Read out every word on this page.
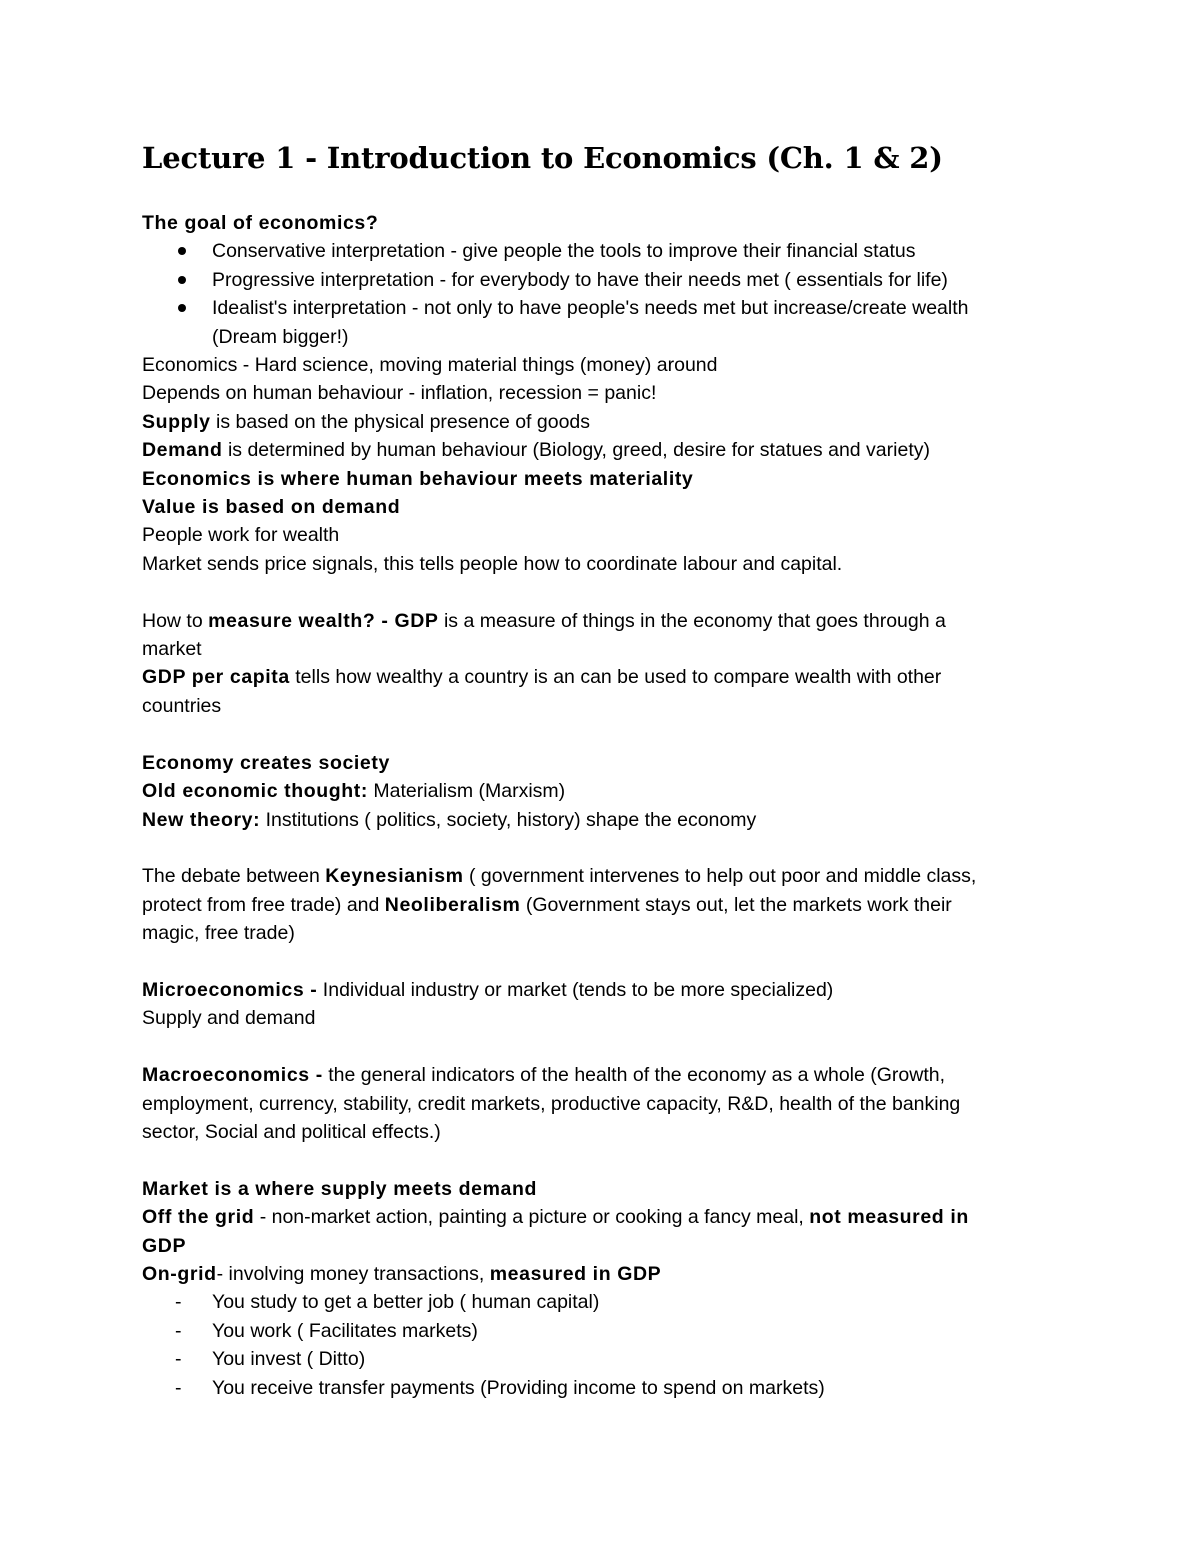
Lecture 1 - Introduction to Economics (Ch. 1 & 2)
The goal of economics?
Conservative interpretation - give people the tools to improve their financial status
Progressive interpretation - for everybody to have their needs met ( essentials for life)
Idealist's interpretation - not only to have people's needs met but increase/create wealth
(Dream bigger!)
Economics - Hard science, moving material things (money) around
Depends on human behaviour - inflation, recession = panic!
Supply is based on the physical presence of goods
Demand is determined by human behaviour (Biology, greed, desire for statues and variety)
Economics is where human behaviour meets materiality
Value is based on demand
People work for wealth
Market sends price signals, this tells people how to coordinate labour and capital.
How to measure wealth? - GDP is a measure of things in the economy that goes through a
market
GDP per capita tells how wealthy a country is an can be used to compare wealth with other
countries
Economy creates society
Old economic thought: Materialism (Marxism)
New theory: Institutions ( politics, society, history) shape the economy
The debate between Keynesianism ( government intervenes to help out poor and middle class,
protect from free trade) and Neoliberalism (Government stays out, let the markets work their
magic, free trade)
Microeconomics - Individual industry or market (tends to be more specialized)
Supply and demand
Macroeconomics - the general indicators of the health of the economy as a whole (Growth,
employment, currency, stability, credit markets, productive capacity, R&D, health of the banking
sector, Social and political effects.)
Market is a where supply meets demand
Off the grid - non-market action, painting a picture or cooking a fancy meal, not measured in
GDP
On-grid- involving money transactions, measured in GDP
- You study to get a better job ( human capital)
- You work ( Facilitates markets)
- You invest ( Ditto)
- You receive transfer payments (Providing income to spend on markets)
